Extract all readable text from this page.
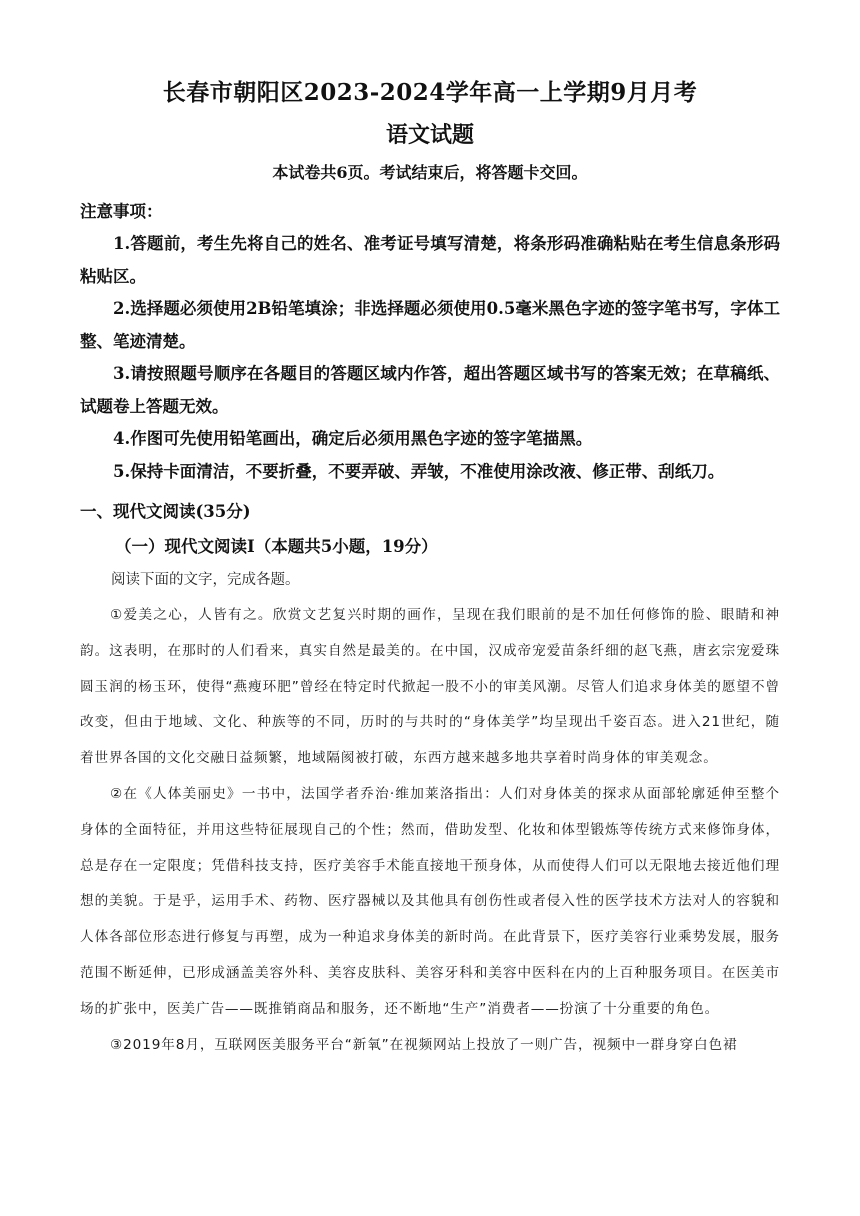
长春市朝阳区2023-2024学年高一上学期9月月考
语文试题
本试卷共6页。考试结束后，将答题卡交回。
注意事项：
1.答题前，考生先将自己的姓名、准考证号填写清楚，将条形码准确粘贴在考生信息条形码粘贴区。
2.选择题必须使用2B铅笔填涂；非选择题必须使用0.5毫米黑色字迹的签字笔书写，字体工整、笔迹清楚。
3.请按照题号顺序在各题目的答题区域内作答，超出答题区域书写的答案无效；在草稿纸、试题卷上答题无效。
4.作图可先使用铅笔画出，确定后必须用黑色字迹的签字笔描黑。
5.保持卡面清洁，不要折叠，不要弄破、弄皱，不准使用涂改液、修正带、刮纸刀。
一、现代文阅读(35分)
（一）现代文阅读Ⅰ（本题共5小题，19分）
阅读下面的文字，完成各题。

①爱美之心，人皆有之。欣赏文艺复兴时期的画作，呈现在我们眼前的是不加任何修饰的脸、眼睛和神韵。这表明，在那时的人们看来，真实自然是最美的。在中国，汉成帝宠爱苗条纤细的赵飞燕，唐玄宗宠爱珠圆玉润的杨玉环，使得“燕瘦环肥”曾经在特定时代掀起一股不小的审美风潮。尽管人们追求身体美的愿望不曾改变，但由于地域、文化、种族等的不同，历时的与共时的“身体美学”均呈现出千姿百态。进入21世纪，随着世界各国的文化交融日益频繁，地域隔阂被打破，东西方越来越多地共享着时尚身体的审美观念。

②在《人体美丽史》一书中，法国学者乔治·维加莱洛指出：人们对身体美的探求从面部轮廓延伸至整个身体的全面特征，并用这些特征展现自己的个性；然而，借助发型、化妆和体型锻炼等传统方式来修饰身体，总是存在一定限度；凭借科技支持，医疗美容手术能直接地干预身体，从而使得人们可以无限地去接近他们理想的美貌。于是乎，运用手术、药物、医疗器械以及其他具有创伤性或者侵入性的医学技术方法对人的容貌和人体各部位形态进行修复与再塑，成为一种追求身体美的新时尚。在此背景下，医疗美容行业乘势发展，服务范围不断延伸，已形成涵盖美容外科、美容皮肤科、美容牙科和美容中医科在内的上百种服务项目。在医美市场的扩张中，医美广告——既推销商品和服务，还不断地“生产”消费者——扮演了十分重要的角色。

③2019年8月，互联网医美服务平台“新氧”在视频网站上投放了一则广告，视频中一群身穿白色裙
